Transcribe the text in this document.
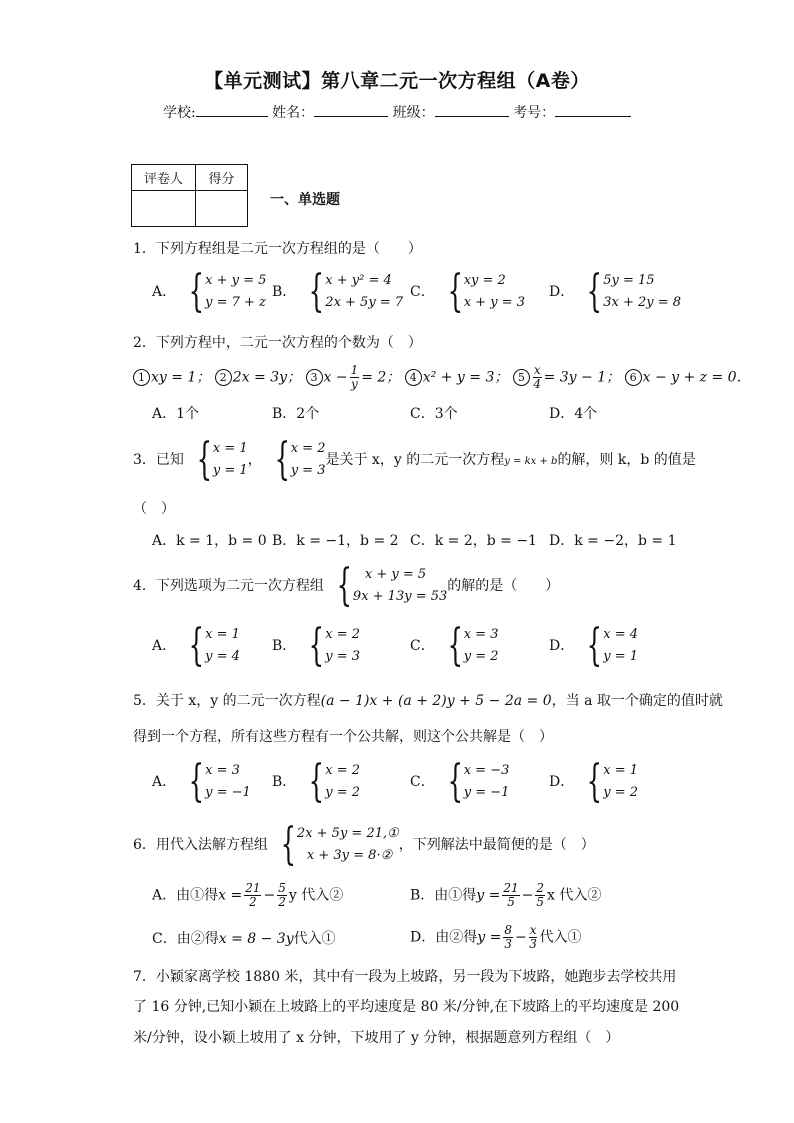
【单元测试】第八章二元一次方程组（A卷）
学校:	姓名：	班级：	考号：
评卷人	得分

一、单选题
1．下列方程组是二元一次方程组的是（　　）
A． { x + y = 5
y = 7 + z
B． { x + y² = 4
2x + 5y = 7
C． { xy = 2
x + y = 3
D． { 5y = 15
3x + 2y = 8
2．下列方程中，二元一次方程的个数为（　）
1 xy = 1； 2 2x = 3y； 3 $x - \frac{1}{y} = 2$； 4 x² + y = 3； $5 \frac{x}{4} = 3y - 1$； 6 x − y + z = 0．
A．1个	B．2个	C．3个	D．4个
3．已知 { x = 1
y = 1
， { x = 2
y = 3
是关于 x，y 的二元一次方程y = kx + b的解，则 k，b 的值是
（　）
A．k = 1，b = 0 B．k = −1，b = 2 C．k = 2，b = −1 D．k = −2，b = 1
4．下列选项为二元一次方程组 {	x + y = 5
9x + 13y = 53
的解的是（　　）
A． { x = 1
y = 4
B． { x = 2
y = 3
C． { x = 3
y = 2
D． { x = 4
y = 1
5．关于 x，y 的二元一次方程(a − 1)x + (a + 2)y + 5 − 2a = 0，当 a 取一个确定的值时就
得到一个方程，所有这些方程有一个公共解，则这个公共解是（　）
A． { x = 3
y = −1
B． { x = 2
y = 2
C． { x = −3
y = −1
D． { x = 1
y = 2
6．用代入法解方程组 { 2x + 5y = 21,①
x + 3y = 8·②
，下列解法中最简便的是（　）
A．由①得$x = \frac{21}{2} - \frac{5}{2}$ y 代入②	B．由①得$y = \frac{21}{5} - \frac{2}{5}$ x 代入②
C．由②得x = 8 − 3y代入①	D．由②得$y = \frac{8}{3} - \frac{x}{3}$ 代入①
7．小颖家离学校 1880 米，其中有一段为上坡路，另一段为下坡路，她跑步去学校共用
了 16 分钟,已知小颖在上坡路上的平均速度是 80 米/分钟,在下坡路上的平均速度是 200
米/分钟，设小颖上坡用了 x 分钟，下坡用了 y 分钟，根据题意列方程组（　）
